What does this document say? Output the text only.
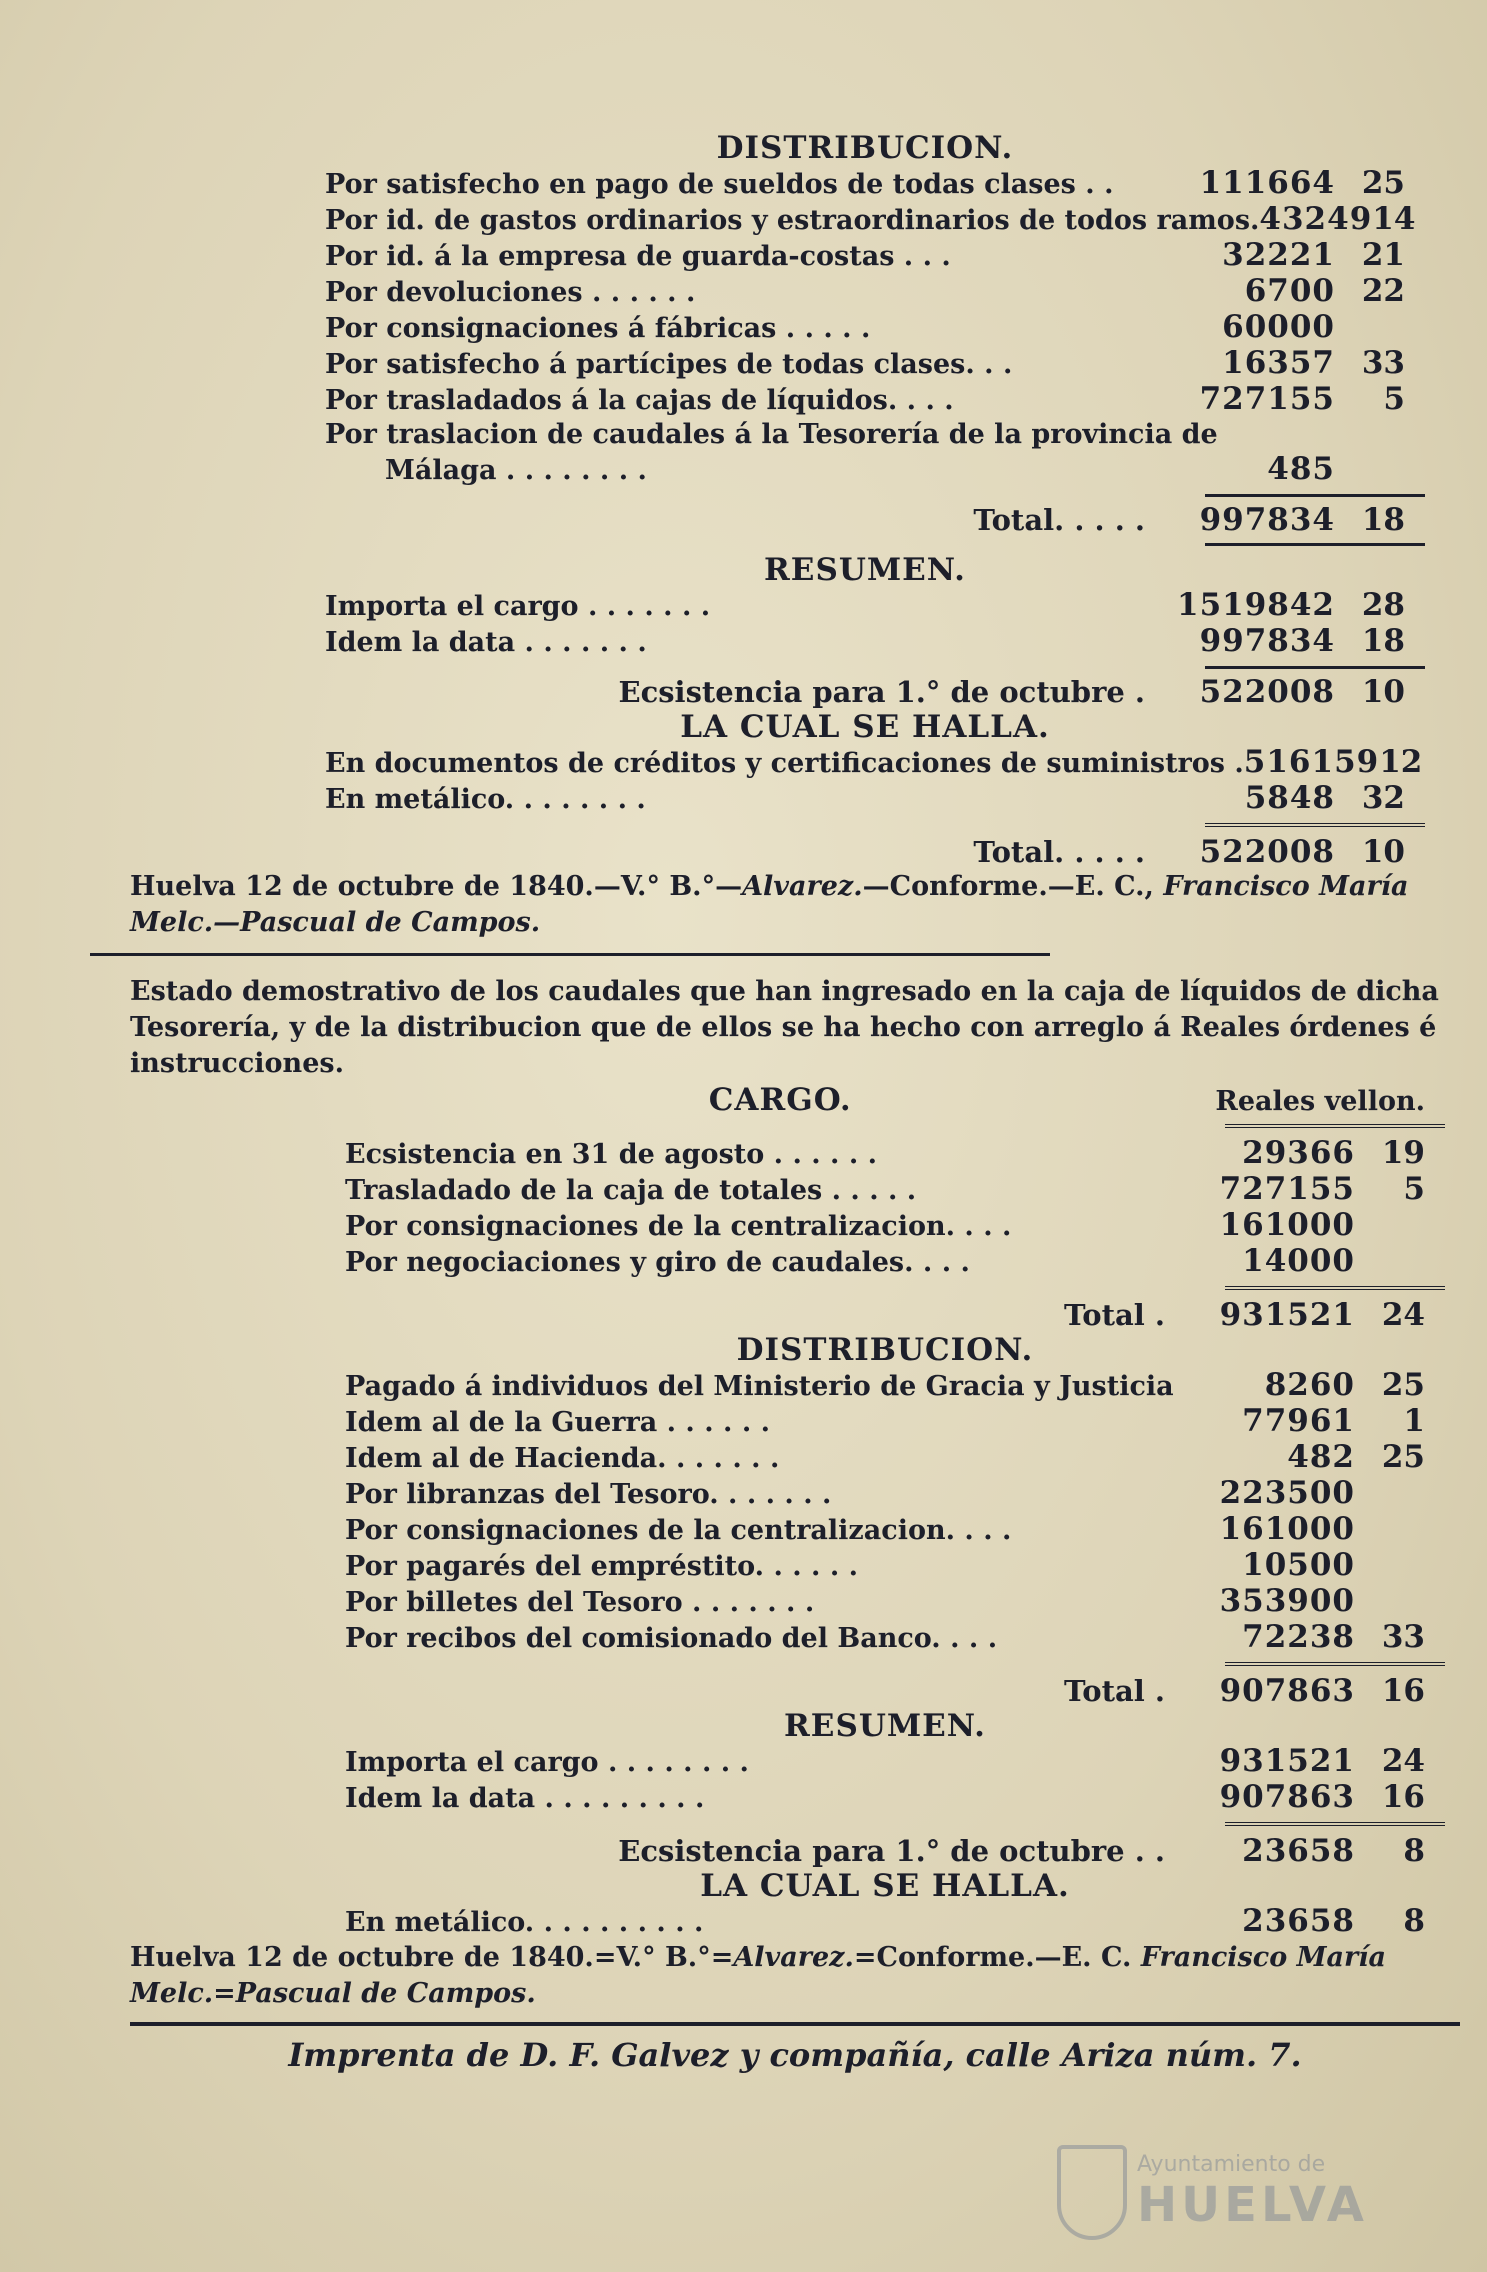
DISTRIBUCION.
Por satisfecho en pago de sueldos de todas clases . .	111664 25
Por id. de gastos ordinarios y estraordinarios de todos ramos. 43249 14
Por id. á la empresa de guarda-costas . . .	32221 21
Por devoluciones . . . . . .	6700 22
Por consignaciones á fábricas . . . . .	60000
Por satisfecho á partícipes de todas clases. . .	16357 33
Por trasladados á la cajas de líquidos. . . .	727155	5
Por traslacion de caudales á la Tesorería de la provincia de
Málaga . . . . . . . .	485
Total. . . . .	997834 18
RESUMEN.
Importa el cargo . . . . . . .	1519842 28
Idem la data . . . . . . .	997834 18
Ecsistencia para 1.° de octubre .	522008 10
LA CUAL SE HALLA.
En documentos de créditos y certificaciones de suministros . 516159 12
En metálico. . . . . . . .	5848 32
Total. . . . .	522008 10
Huelva 12 de octubre de 1840.—V.° B.°—Alvarez.—Conforme.—E. C., Francisco María Melc.—Pascual de Campos.
Estado demostrativo de los caudales que han ingresado en la caja de líquidos de dicha Tesorería, y de la distribucion que de ellos se ha hecho con arreglo á Reales órdenes é instrucciones.
CARGO.	Reales vellon.
Ecsistencia en 31 de agosto . . . . . .	29366 19
Trasladado de la caja de totales . . . . .	727155	5
Por consignaciones de la centralizacion. . . .	161000
Por negociaciones y giro de caudales. . . .	14000
Total .	931521 24
DISTRIBUCION.
Pagado á individuos del Ministerio de Gracia y Justicia	8260 25
Idem al de la Guerra . . . . . .	77961	1
Idem al de Hacienda. . . . . . .	482 25
Por libranzas del Tesoro. . . . . . .	223500
Por consignaciones de la centralizacion. . . .	161000
Por pagarés del empréstito. . . . . .	10500
Por billetes del Tesoro . . . . . . .	353900
Por recibos del comisionado del Banco. . . .	72238 33
Total .	907863 16
RESUMEN.
Importa el cargo . . . . . . . .	931521 24
Idem la data . . . . . . . . .	907863 16
Ecsistencia para 1.° de octubre . .	23658	8
LA CUAL SE HALLA.
En metálico. . . . . . . . . .	23658	8
Huelva 12 de octubre de 1840.=V.° B.°=Alvarez.=Conforme.—E. C. Francisco María Melc.=Pascual de Campos.
Imprenta de D. F. Galvez y compañía, calle Ariza núm. 7.
Ayuntamiento de
HUELVA
